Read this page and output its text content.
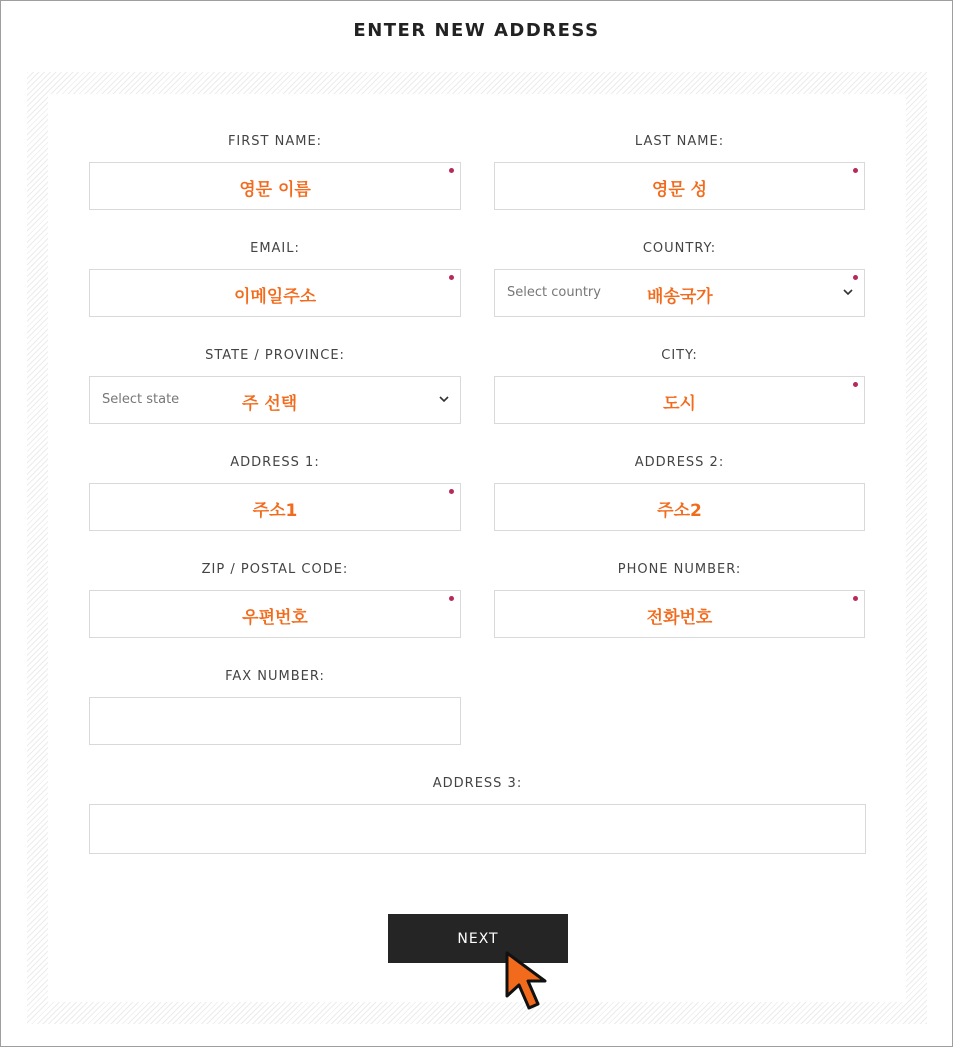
ENTER NEW ADDRESS
FIRST NAME:
영문 이름
LAST NAME:
영문 성
EMAIL:
이메일주소
COUNTRY:
Select country	배송국가
STATE / PROVINCE:
Select state	주 선택
CITY:
도시
ADDRESS 1:
주소1
ADDRESS 2:
주소2
ZIP / POSTAL CODE:
우편번호
PHONE NUMBER:
전화번호
FAX NUMBER:
ADDRESS 3:
NEXT
